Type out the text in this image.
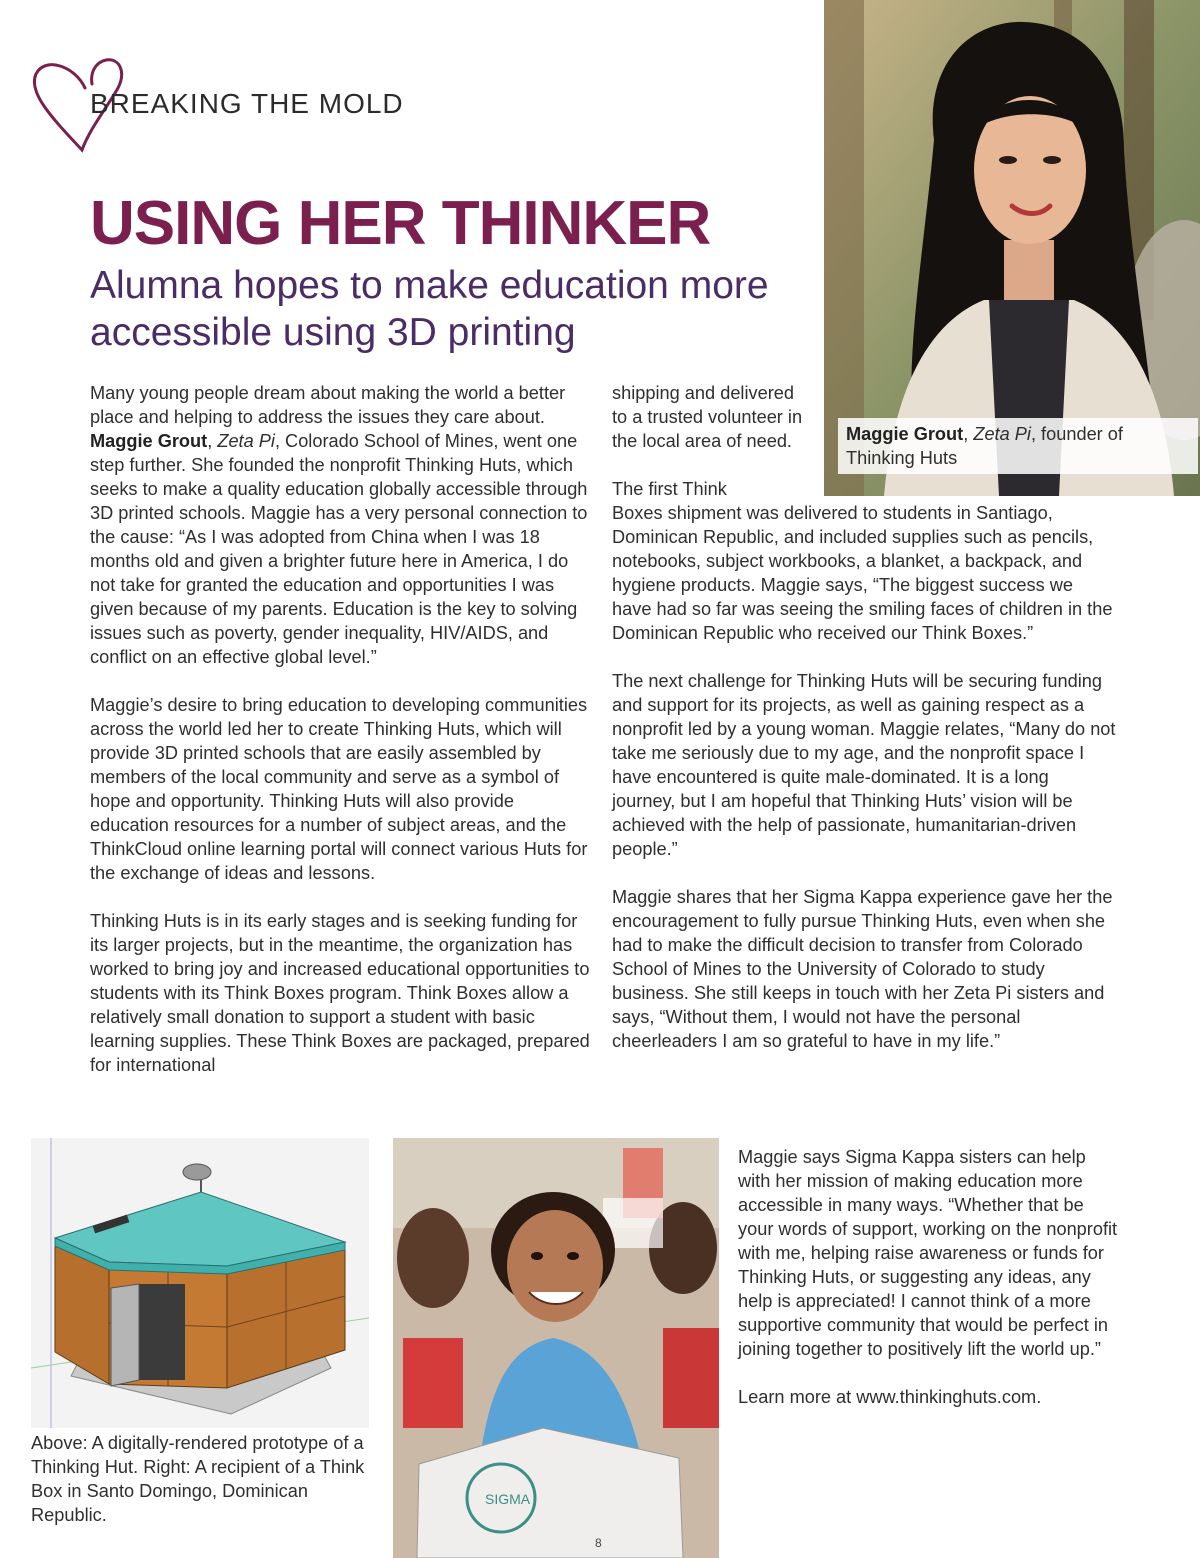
BREAKING THE MOLD
USING HER THINKER
Alumna hopes to make education more accessible using 3D printing
Maggie Grout, Zeta Pi, founder of Thinking Huts

Many young people dream about making the world a better place and helping to address the issues they care about. Maggie Grout, Zeta Pi, Colorado School of Mines, went one step further. She founded the nonprofit Thinking Huts, which seeks to make a quality education globally accessible through 3D printed schools. Maggie has a very personal connection to the cause: “As I was adopted from China when I was 18 months old and given a brighter future here in America, I do not take for granted the education and opportunities I was given because of my parents. Education is the key to solving issues such as poverty, gender inequality, HIV/AIDS, and conflict on an effective global level.”

Maggie’s desire to bring education to developing communities across the world led her to create Thinking Huts, which will provide 3D printed schools that are easily assembled by members of the local community and serve as a symbol of hope and opportunity. Thinking Huts will also provide education resources for a number of subject areas, and the ThinkCloud online learning portal will connect various Huts for the exchange of ideas and lessons.

Thinking Huts is in its early stages and is seeking funding for its larger projects, but in the meantime, the organization has worked to bring joy and increased educational opportunities to students with its Think Boxes program. Think Boxes allow a relatively small donation to support a student with basic learning supplies. These Think Boxes are packaged, prepared for international

shipping and delivered to a trusted volunteer in the local area of need.

The first Think
Boxes shipment was delivered to students in Santiago, Dominican Republic, and included supplies such as pencils, notebooks, subject workbooks, a blanket, a backpack, and hygiene products. Maggie says, “The biggest success we have had so far was seeing the smiling faces of children in the Dominican Republic who received our Think Boxes.”

The next challenge for Thinking Huts will be securing funding and support for its projects, as well as gaining respect as a nonprofit led by a young woman. Maggie relates, “Many do not take me seriously due to my age, and the nonprofit space I have encountered is quite male-dominated. It is a long journey, but I am hopeful that Thinking Huts’ vision will be achieved with the help of passionate, humanitarian-driven people.”

Maggie shares that her Sigma Kappa experience gave her the encouragement to fully pursue Thinking Huts, even when she had to make the difficult decision to transfer from Colorado School of Mines to the University of Colorado to study business. She still keeps in touch with her Zeta Pi sisters and says, “Without them, I would not have the personal cheerleaders I am so grateful to have in my life.”

Maggie says Sigma Kappa sisters can help with her mission of making education more accessible in many ways. “Whether that be your words of support, working on the nonprofit with me, helping raise awareness or funds for Thinking Huts, or suggesting any ideas, any help is appreciated! I cannot think of a more supportive community that would be perfect in joining together to positively lift the world up.”

Learn more at www.thinkinghuts.com.

Above: A digitally-rendered prototype of a Thinking Hut. Right: A recipient of a Think Box in Santo Domingo, Dominican Republic.
SIGMA
8
